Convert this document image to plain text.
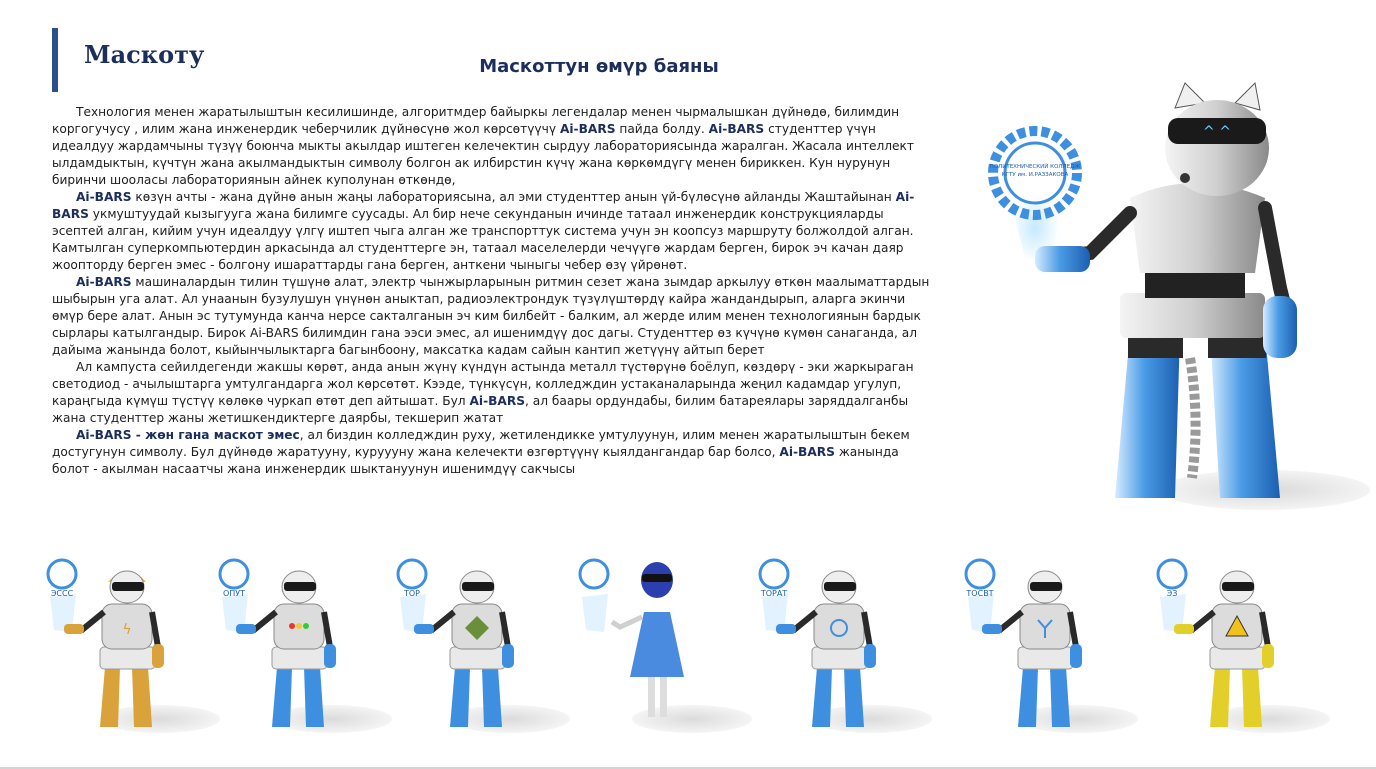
Маскоту	Маскоттун өмүр баяны

Технология менен жаратылыштын кесилишинде, алгоритмдер байыркы легендалар менен чырмалышкан дүйнөдө, билимдин коргогучусу , илим жана инженердик чеберчилик дүйнөсүнө жол көрсөтүүчү Ai-BARS пайда болду. Ai-BARS студенттер үчүн идеалдуу жардамчыны түзүү боюнча мыкты акылдар иштеген келечектин сырдуу лабораториясында жаралган. Жасала интеллект ылдамдыктын, күчтүн жана акылмандыктын символу болгон ак илбирстин күчү жана көркөмдүгү менен бириккен. Кун нурунун биринчи шооласы лабораториянын айнек куполунан өткөндө,

Ai-BARS көзүн ачты - жана дүйнө анын жаңы лабораториясына, ал эми студенттер анын үй-бүлөсүнө айланды Жаштайынан Ai-BARS укмуштуудай кызыгууга жана билимге суусады. Ал бир нече секунданын ичинде татаал инженердик конструкцияларды эсептей алган, кийим учун идеалдуу үлгү иштеп чыга алган же транспорттук система учун эн коопсуз маршруту болжолдой алган. Камтылган суперкомпьютердин аркасында ал студенттерге эн, татаал маселелерди чечүүгө жардам берген, бирок эч качан даяр жоопторду берген эмес - болгону ишараттарды гана берген, анткени чыныгы чебер өзү үйрөнөт.

Ai-BARS машиналардын тилин түшүнө алат, электр чынжырларынын ритмин сезет жана зымдар аркылуу өткөн маалыматтардын шыбырын уга алат. Ал унаанын бузулушун үнүнөн аныктап, радиоэлектрондук түзүлүштөрдү кайра жандандырып, аларга экинчи өмүр бере алат. Анын эс тутумунда канча нерсе сакталганын эч ким билбейт - балким, ал жерде илим менен технологиянын бардык сырлары катылгандыр. Бирок Ai-BARS билимдин гана ээси эмес, ал ишенимдүү дос дагы. Студенттер өз күчүнө күмөн санаганда, ал дайыма жанында болот, кыйынчылыктарга багынбоону, максатка кадам сайын кантип жетүүнү айтып берет

Ал кампуста сейилдегенди жакшы көрөт, анда анын жүнү күндүн астында металл түстөрүнө боёлуп, көздөрү - эки жаркыраган светодиод - ачылыштарга умтулгандарга жол көрсөтөт. Кээде, түнкүсүн, колледждин устаканаларында жеңил кадамдар угулуп, караңгыда күмүш түстүү көлөкө чуркап өтөт деп айтышат. Бул Ai-BARS, ал баары ордундабы, билим батареялары заряддалганбы жана студенттер жаны жетишкендиктерге даярбы, текшерип жатат

Ai-BARS - жөн гана маскот эмес, ал биздин колледждин руху, жетилендикке умтулуунун, илим менен жаратылыштын бекем достугунун символу. Бул дүйнөдө жаратууну, куруууну жана келечекти өзгөртүүнү кыялдангандар бар болсо, Ai-BARS жанында болот - акылман насаатчы жана инженердик шыктануунун ишенимдүү сакчысы

ПОЛИТЕХНИЧЕСКИЙ КОЛЛЕДЖ
КГТУ им. И.РАЗЗАКОВА
^ ^
ЭССС
ϟ
ОПУТ	ТОР	ТОРАТ	ТОСВТ	ЭЗ
